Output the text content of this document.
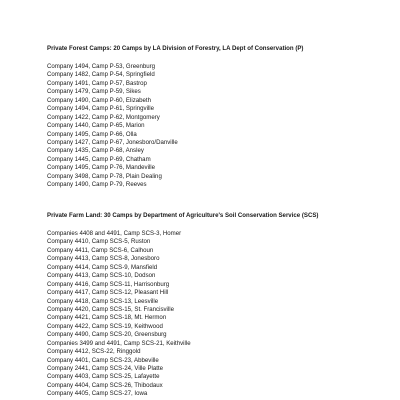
Private Forest Camps: 20 Camps by LA Division of Forestry, LA Dept of Conservation (P)
Company 1494, Camp P-53, Greenburg
Company 1482, Camp P-54, Springfield
Company 1491, Camp P-57, Bastrop
Company 1479, Camp P-59, Sikes
Company 1490, Camp P-60, Elizabeth
Company 1494, Camp P-61, Springville
Company 1422, Camp P-62, Montgomery
Company 1440, Camp P-65, Marion
Company 1495, Camp P-66, Olla
Company 1427, Camp P-67, Jonesboro/Danville
Company 1435, Camp P-68, Ansley
Company 1445, Camp P-69, Chatham
Company 1495, Camp P-76, Mandeville
Company 3498, Camp P-78, Plain Dealing
Company 1490, Camp P-79, Reeves
Private Farm Land: 30 Camps by Department of Agriculture's Soil Conservation Service (SCS)
Companies 4408 and 4491, Camp SCS-3, Homer
Company 4410, Camp SCS-5, Ruston
Company 4411, Camp SCS-6, Calhoun
Company 4413, Camp SCS-8, Jonesboro
Company 4414, Camp SCS-9, Mansfield
Company 4413, Camp SCS-10, Dodson
Company 4416, Camp SCS-11, Harrisonburg
Company 4417, Camp SCS-12, Pleasant Hill
Company 4418, Camp SCS-13, Leesville
Company 4420, Camp SCS-15, St. Francisville
Company 4421, Camp SCS-18, Mt. Hermon
Company 4422, Camp SCS-19, Keithwood
Company 4490, Camp SCS-20, Greensburg
Companies 3499 and 4491, Camp SCS-21, Keithville
Company 4412, SCS-22, Ringgold
Company 4401, Camp SCS-23, Abbeville
Company 2441, Camp SCS-24, Ville Platte
Company 4403, Camp SCS-25, Lafayette
Company 4404, Camp SCS-26, Thibodaux
Company 4405, Camp SCS-27, Iowa
